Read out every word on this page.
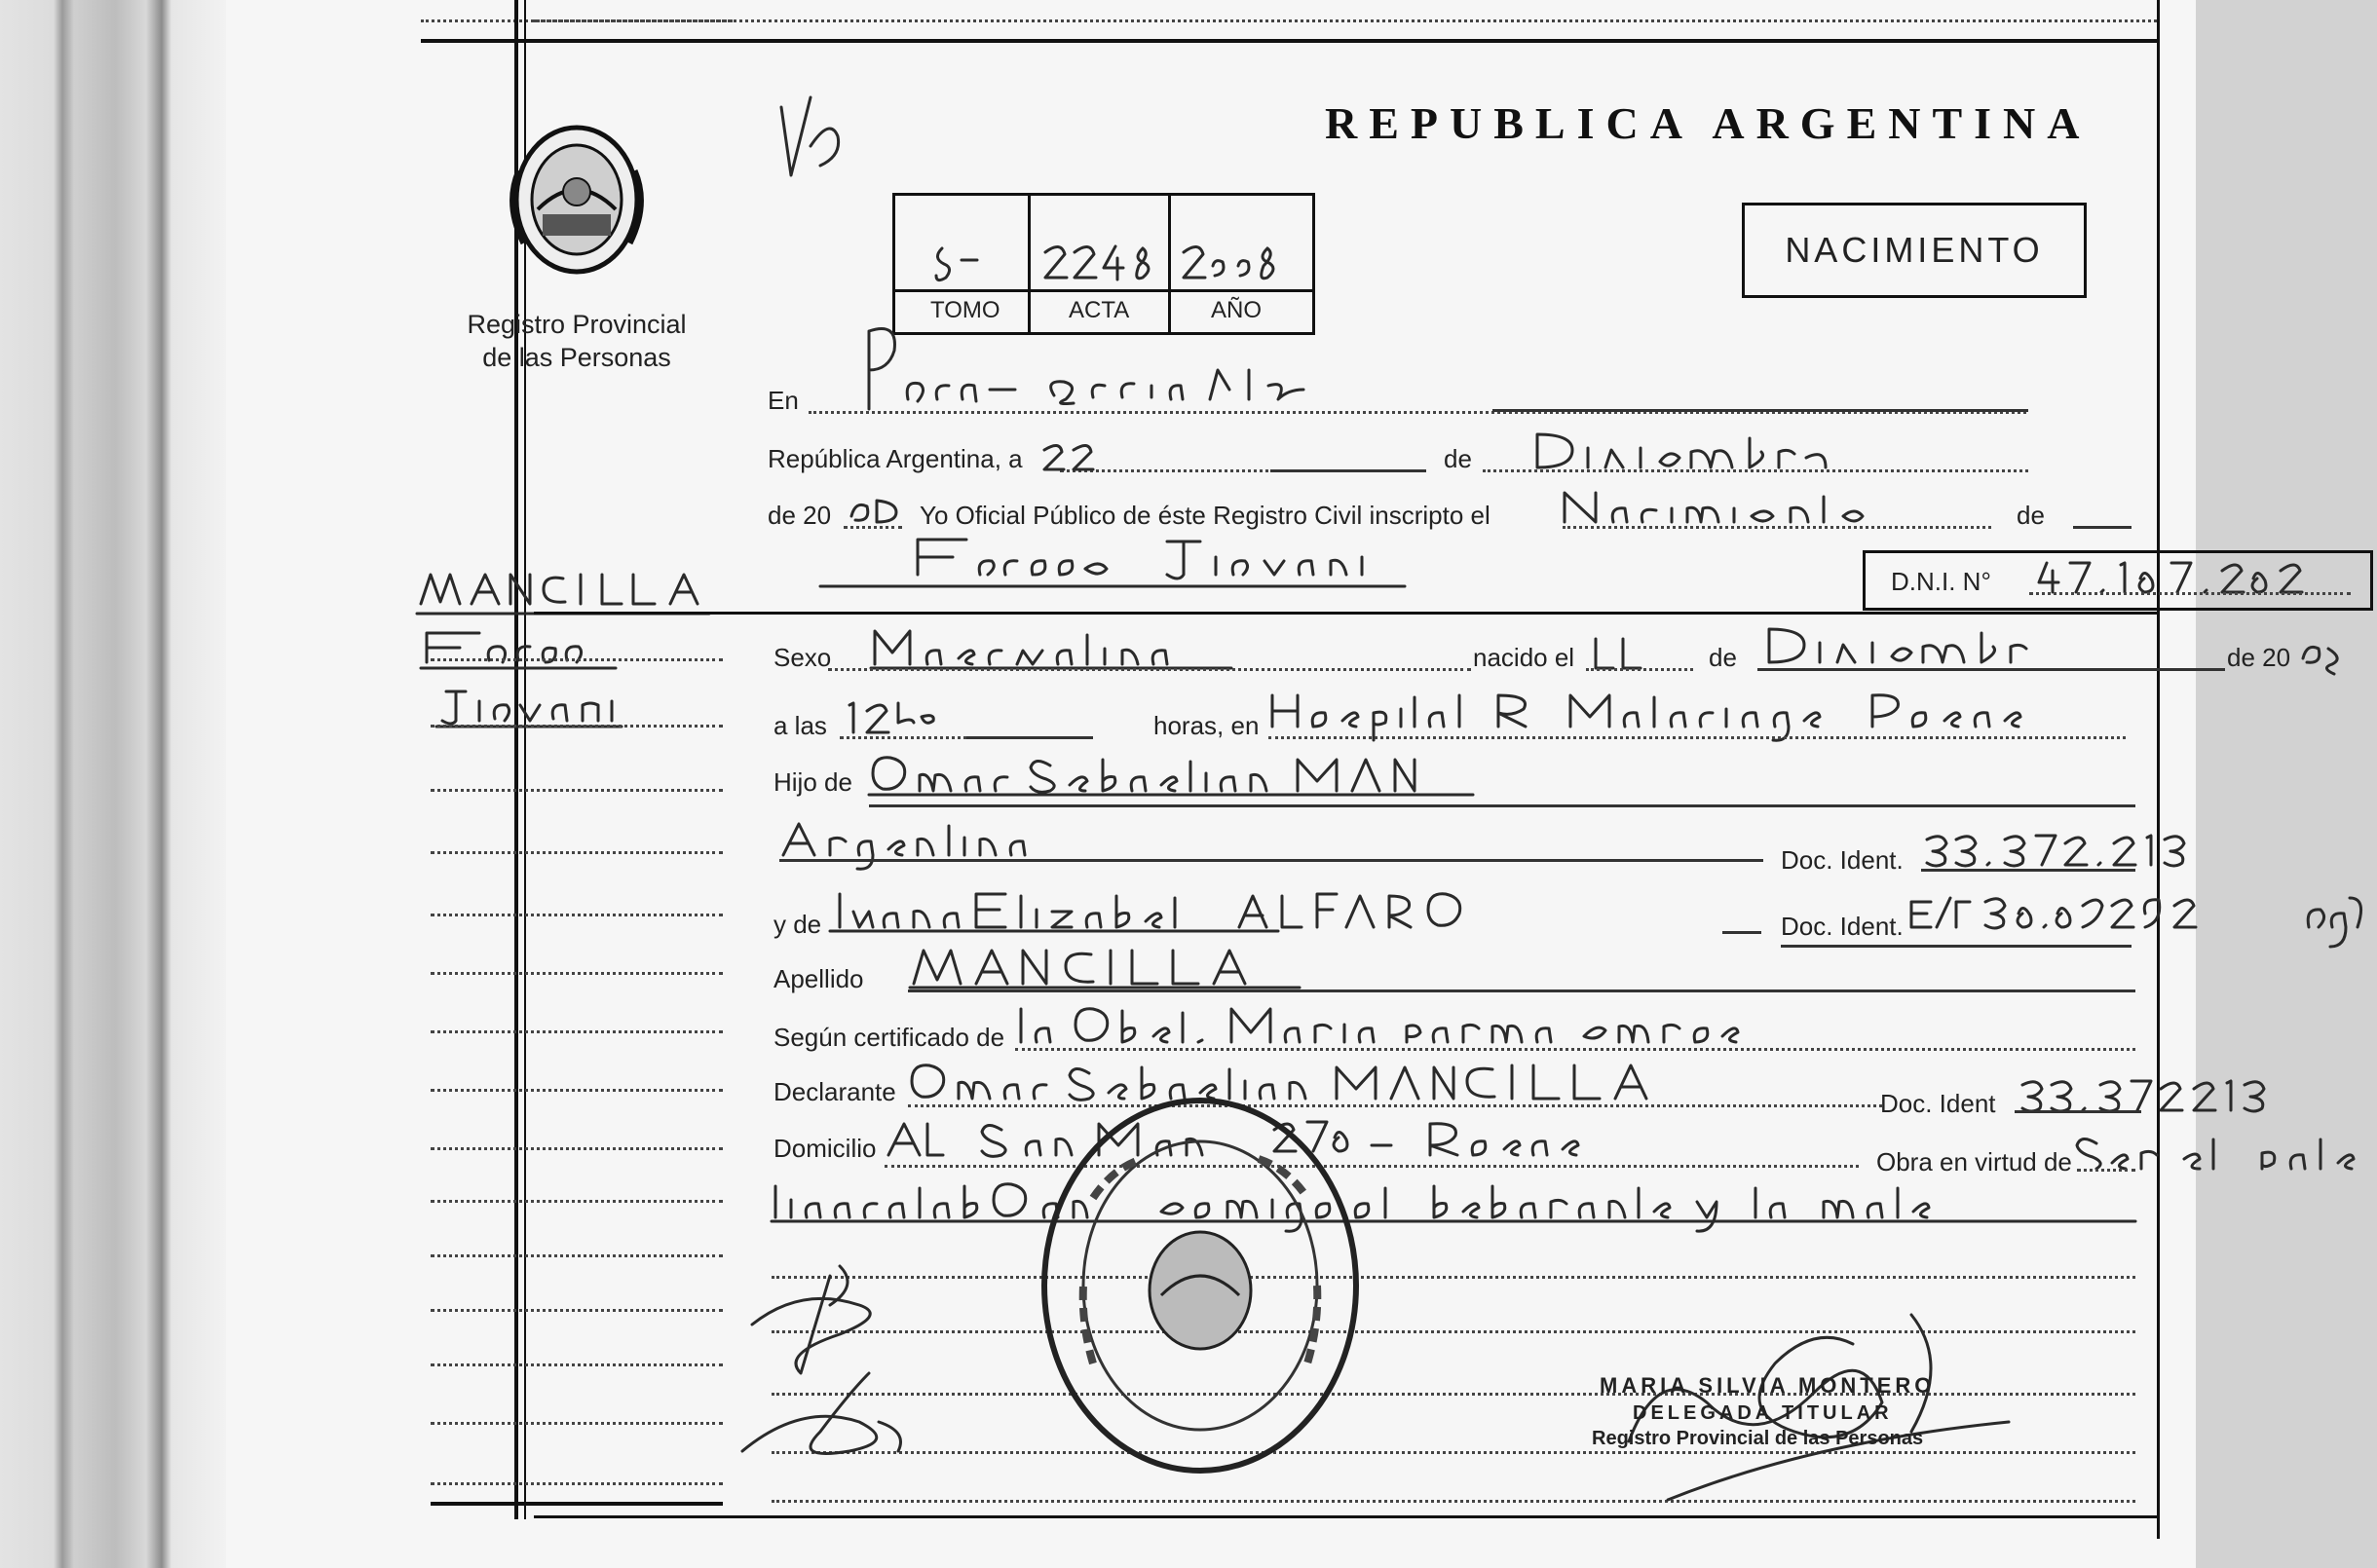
Registro Provincial
de las Personas
REPUBLICA ARGENTINA
TOMO	ACTA	AÑO
NACIMIENTO
En
República Argentina, a	de
de 20	Yo Oficial Público de éste Registro Civil inscripto el	de
D.N.I. N°
Sexo	nacido el	de	de 20
a las	horas, en
Hijo de
Doc. Ident.
y de	Doc. Ident.
Apellido
Según certificado de
Declarante	Doc. Ident
Domicilio	Obra en virtud de
MARIA SILVIA MONTERO
DELEGADA TITULAR
Registro Provincial de las Personas
